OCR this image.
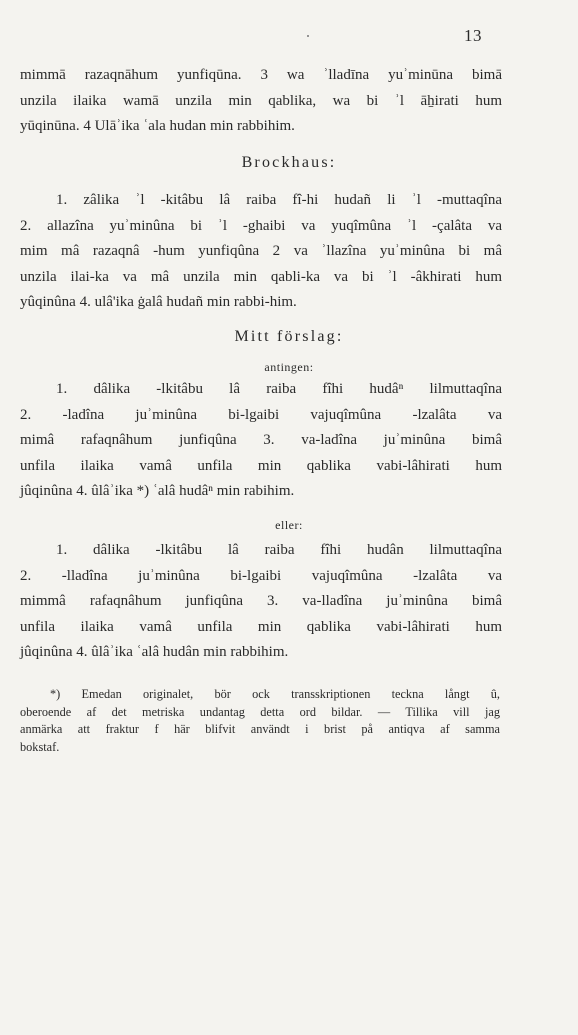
13
mimmā razaqnāhum yunfiqūna. 3 wa ʾlladīna yuʾminūna bimā
unzila ilaika wamā unzila min qablika, wa bi ʾl āẖirati hum
yūqinūna. 4 Ulāʾika ʿala hudan min rabbihim.
Brockhaus:
1. zâlika ʾl -kitâbu lâ raiba fî-hi hudañ li ʾl -muttaqîna
2. allazîna yuʾminûna bi ʾl -ghaibi va yuqîmûna ʾl -çalâta va
mim mâ razaqnâ -hum yunfiqûna 2 va ʾllazîna yuʾminûna bi mâ
unzila ilai-ka va mâ unzila min qabli-ka va bi ʾl -âkhirati hum
yûqinûna 4. ulâ'ika ġalâ hudañ min rabbi-him.
Mitt förslag:
antingen:
1. dâlika -lkitâbu lâ raiba fîhi hudâⁿ lilmuttaqîna
2. -ladîna juʾminûna bi-lgaibi vajuqîmûna -lzalâta va
mimâ rafaqnâhum junfiqûna 3. va-ladîna juʾminûna bimâ
unfila ilaika vamâ unfila min qablika vabi-lâhirati hum
jûqinûna 4. ûlâʾika *) ʿalâ hudâⁿ min rabihim.
eller:
1. dâlika -lkitâbu lâ raiba fîhi hudân lilmuttaqîna
2. -lladîna juʾminûna bi-lgaibi vajuqîmûna -lzalâta va
mimmâ rafaqnâhum junfiqûna 3. va-lladîna juʾminûna bimâ
unfila ilaika vamâ unfila min qablika vabi-lâhirati hum
jûqinûna 4. ûlâʾika ʿalâ hudân min rabbihim.
*) Emedan originalet, bör ock transskriptionen teckna långt û,
oberoende af det metriska undantag detta ord bildar. — Tillika vill jag
anmärka att fraktur f här blifvit användt i brist på antiqva af samma
bokstaf.
